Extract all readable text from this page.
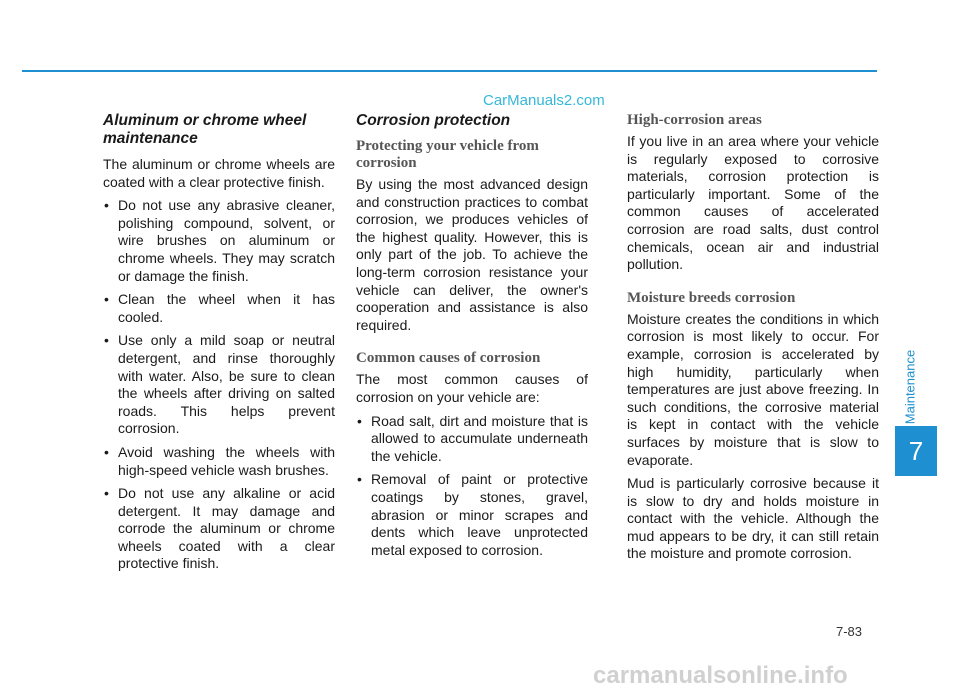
CarManuals2.com
Aluminum or chrome wheel maintenance

The aluminum or chrome wheels are coated with a clear protective finish.

• Do not use any abrasive cleaner, polishing compound, solvent, or wire brushes on aluminum or chrome wheels. They may scratch or damage the finish.
• Clean the wheel when it has cooled.
• Use only a mild soap or neutral detergent, and rinse thoroughly with water. Also, be sure to clean the wheels after driving on salted roads. This helps prevent corrosion.
• Avoid washing the wheels with high-speed vehicle wash brushes.
• Do not use any alkaline or acid detergent. It may damage and corrode the aluminum or chrome wheels coated with a clear protective finish.
Corrosion protection
Protecting your vehicle from corrosion

By using the most advanced design and construction practices to combat corrosion, we produces vehicles of the highest quality. However, this is only part of the job. To achieve the long-term corrosion resistance your vehicle can deliver, the owner's cooperation and assistance is also required.

Common causes of corrosion

The most common causes of corrosion on your vehicle are:

• Road salt, dirt and moisture that is allowed to accumulate underneath the vehicle.
• Removal of paint or protective coatings by stones, gravel, abrasion or minor scrapes and dents which leave unprotected metal exposed to corrosion.
High-corrosion areas

If you live in an area where your vehicle is regularly exposed to corrosive materials, corrosion protection is particularly important. Some of the common causes of accelerated corrosion are road salts, dust control chemicals, ocean air and industrial pollution.

Moisture breeds corrosion

Moisture creates the conditions in which corrosion is most likely to occur. For example, corrosion is accelerated by high humidity, particularly when temperatures are just above freezing. In such conditions, the corrosive material is kept in contact with the vehicle surfaces by moisture that is slow to evaporate.

Mud is particularly corrosive because it is slow to dry and holds moisture in contact with the vehicle. Although the mud appears to be dry, it can still retain the moisture and promote corrosion.

Maintenance
7
7-83
carmanualsonline.info
